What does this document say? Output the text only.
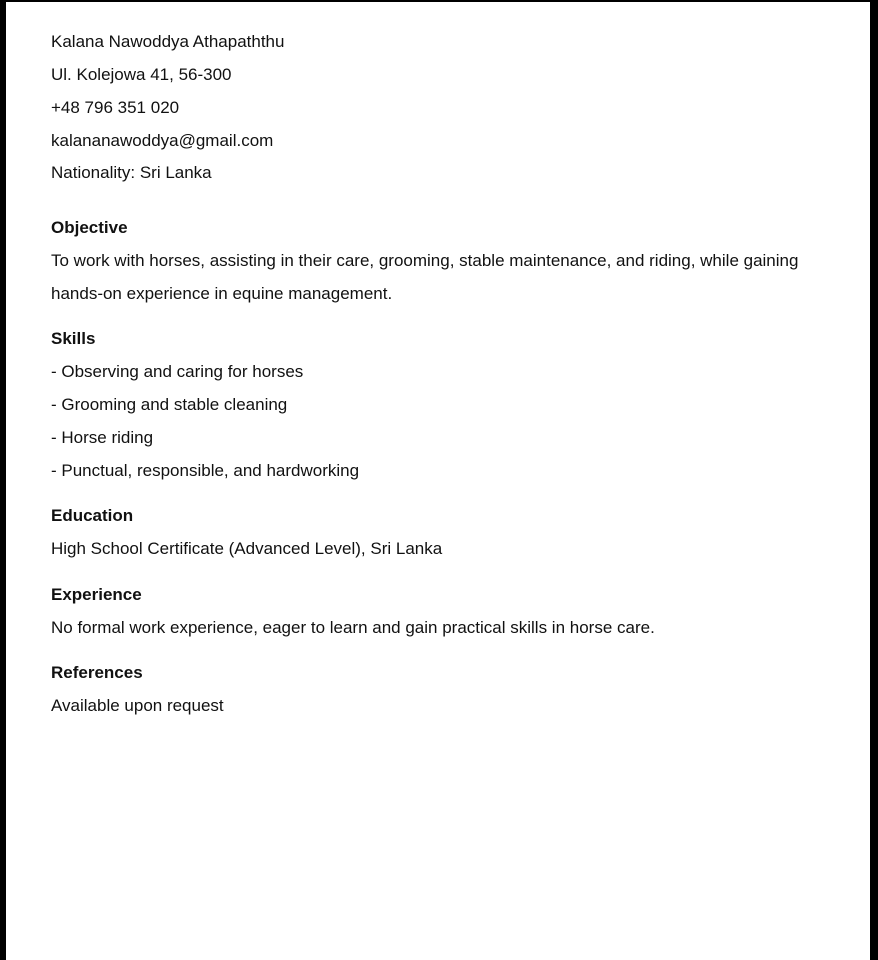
Kalana Nawoddya Athapaththu
Ul. Kolejowa 41, 56-300
+48 796 351 020
kalananawoddya@gmail.com
Nationality: Sri Lanka
Objective
To work with horses, assisting in their care, grooming, stable maintenance, and riding, while gaining
hands-on experience in equine management.
Skills
- Observing and caring for horses
- Grooming and stable cleaning
- Horse riding
- Punctual, responsible, and hardworking
Education
High School Certificate (Advanced Level), Sri Lanka
Experience
No formal work experience, eager to learn and gain practical skills in horse care.
References
Available upon request
